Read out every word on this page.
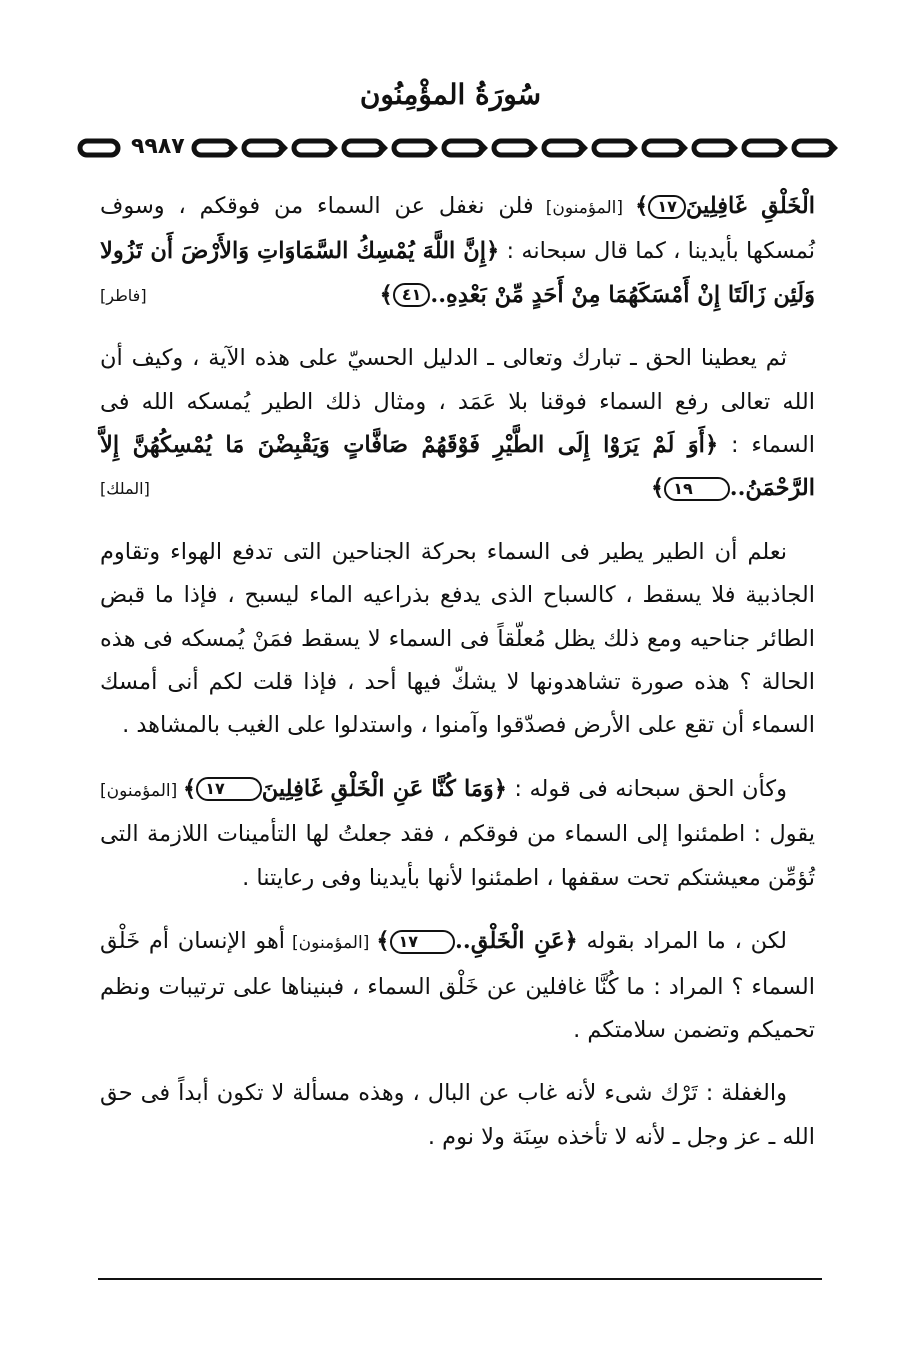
سُورَةُ المؤْمِنُون
٩٩٨٧

الْخَلْقِ غَافِلِينَ١٧﴾ [المؤمنون] فلن نغفل عن السماء من فوقكم ، وسوف نُمسكها بأيدينا ، كما قال سبحانه : ﴿إِنَّ اللَّهَ يُمْسِكُ السَّمَاوَاتِ وَالأَرْضَ أَن تَزُولا وَلَئِن زَالَتَا إِنْ أَمْسَكَهُمَا مِنْ أَحَدٍ مِّنْ بَعْدِهِ..٤١﴾
[فاطر]

ثم يعطينا الحق ـ تبارك وتعالى ـ الدليل الحسيّ على هذه الآية ، وكيف أن الله تعالى رفع السماء فوقنا بلا عَمَد ، ومثال ذلك الطير يُمسكه الله فى السماء : ﴿أَوَ لَمْ يَرَوْا إِلَى الطَّيْرِ فَوْقَهُمْ صَافَّاتٍ وَيَقْبِضْنَ مَا يُمْسِكُهُنَّ إِلاَّ الرَّحْمَنُ..١٩﴾
[الملك]

نعلم أن الطير يطير فى السماء بحركة الجناحين التى تدفع الهواء وتقاوم الجاذبية فلا يسقط ، كالسباح الذى يدفع بذراعيه الماء ليسبح ، فإذا ما قبض الطائر جناحيه ومع ذلك يظل مُعلّقاً فى السماء لا يسقط فمَنْ يُمسكه فى هذه الحالة ؟ هذه صورة تشاهدونها لا يشكّ فيها أحد ، فإذا قلت لكم أنى أمسك السماء أن تقع على الأرض فصدّقوا وآمنوا ، واستدلوا على الغيب بالمشاهد .

وكأن الحق سبحانه فى قوله : ﴿وَمَا كُنَّا عَنِ الْخَلْقِ غَافِلِينَ١٧﴾ [المؤمنون] يقول : اطمئنوا إلى السماء من فوقكم ، فقد جعلتُ لها التأمينات اللازمة التى تُؤمِّن معيشتكم تحت سقفها ، اطمئنوا لأنها بأيدينا وفى رعايتنا .

لكن ، ما المراد بقوله ﴿عَنِ الْخَلْقِ..١٧﴾ [المؤمنون] أهو الإنسان أم خَلْق السماء ؟ المراد : ما كُنَّا غافلين عن خَلْق السماء ، فبنيناها على ترتيبات ونظم تحميكم وتضمن سلامتكم .

والغفلة : تَرْك شىء لأنه غاب عن البال ، وهذه مسألة لا تكون أبداً فى حق الله ـ عز وجل ـ لأنه لا تأخذه سِنَة ولا نوم .
